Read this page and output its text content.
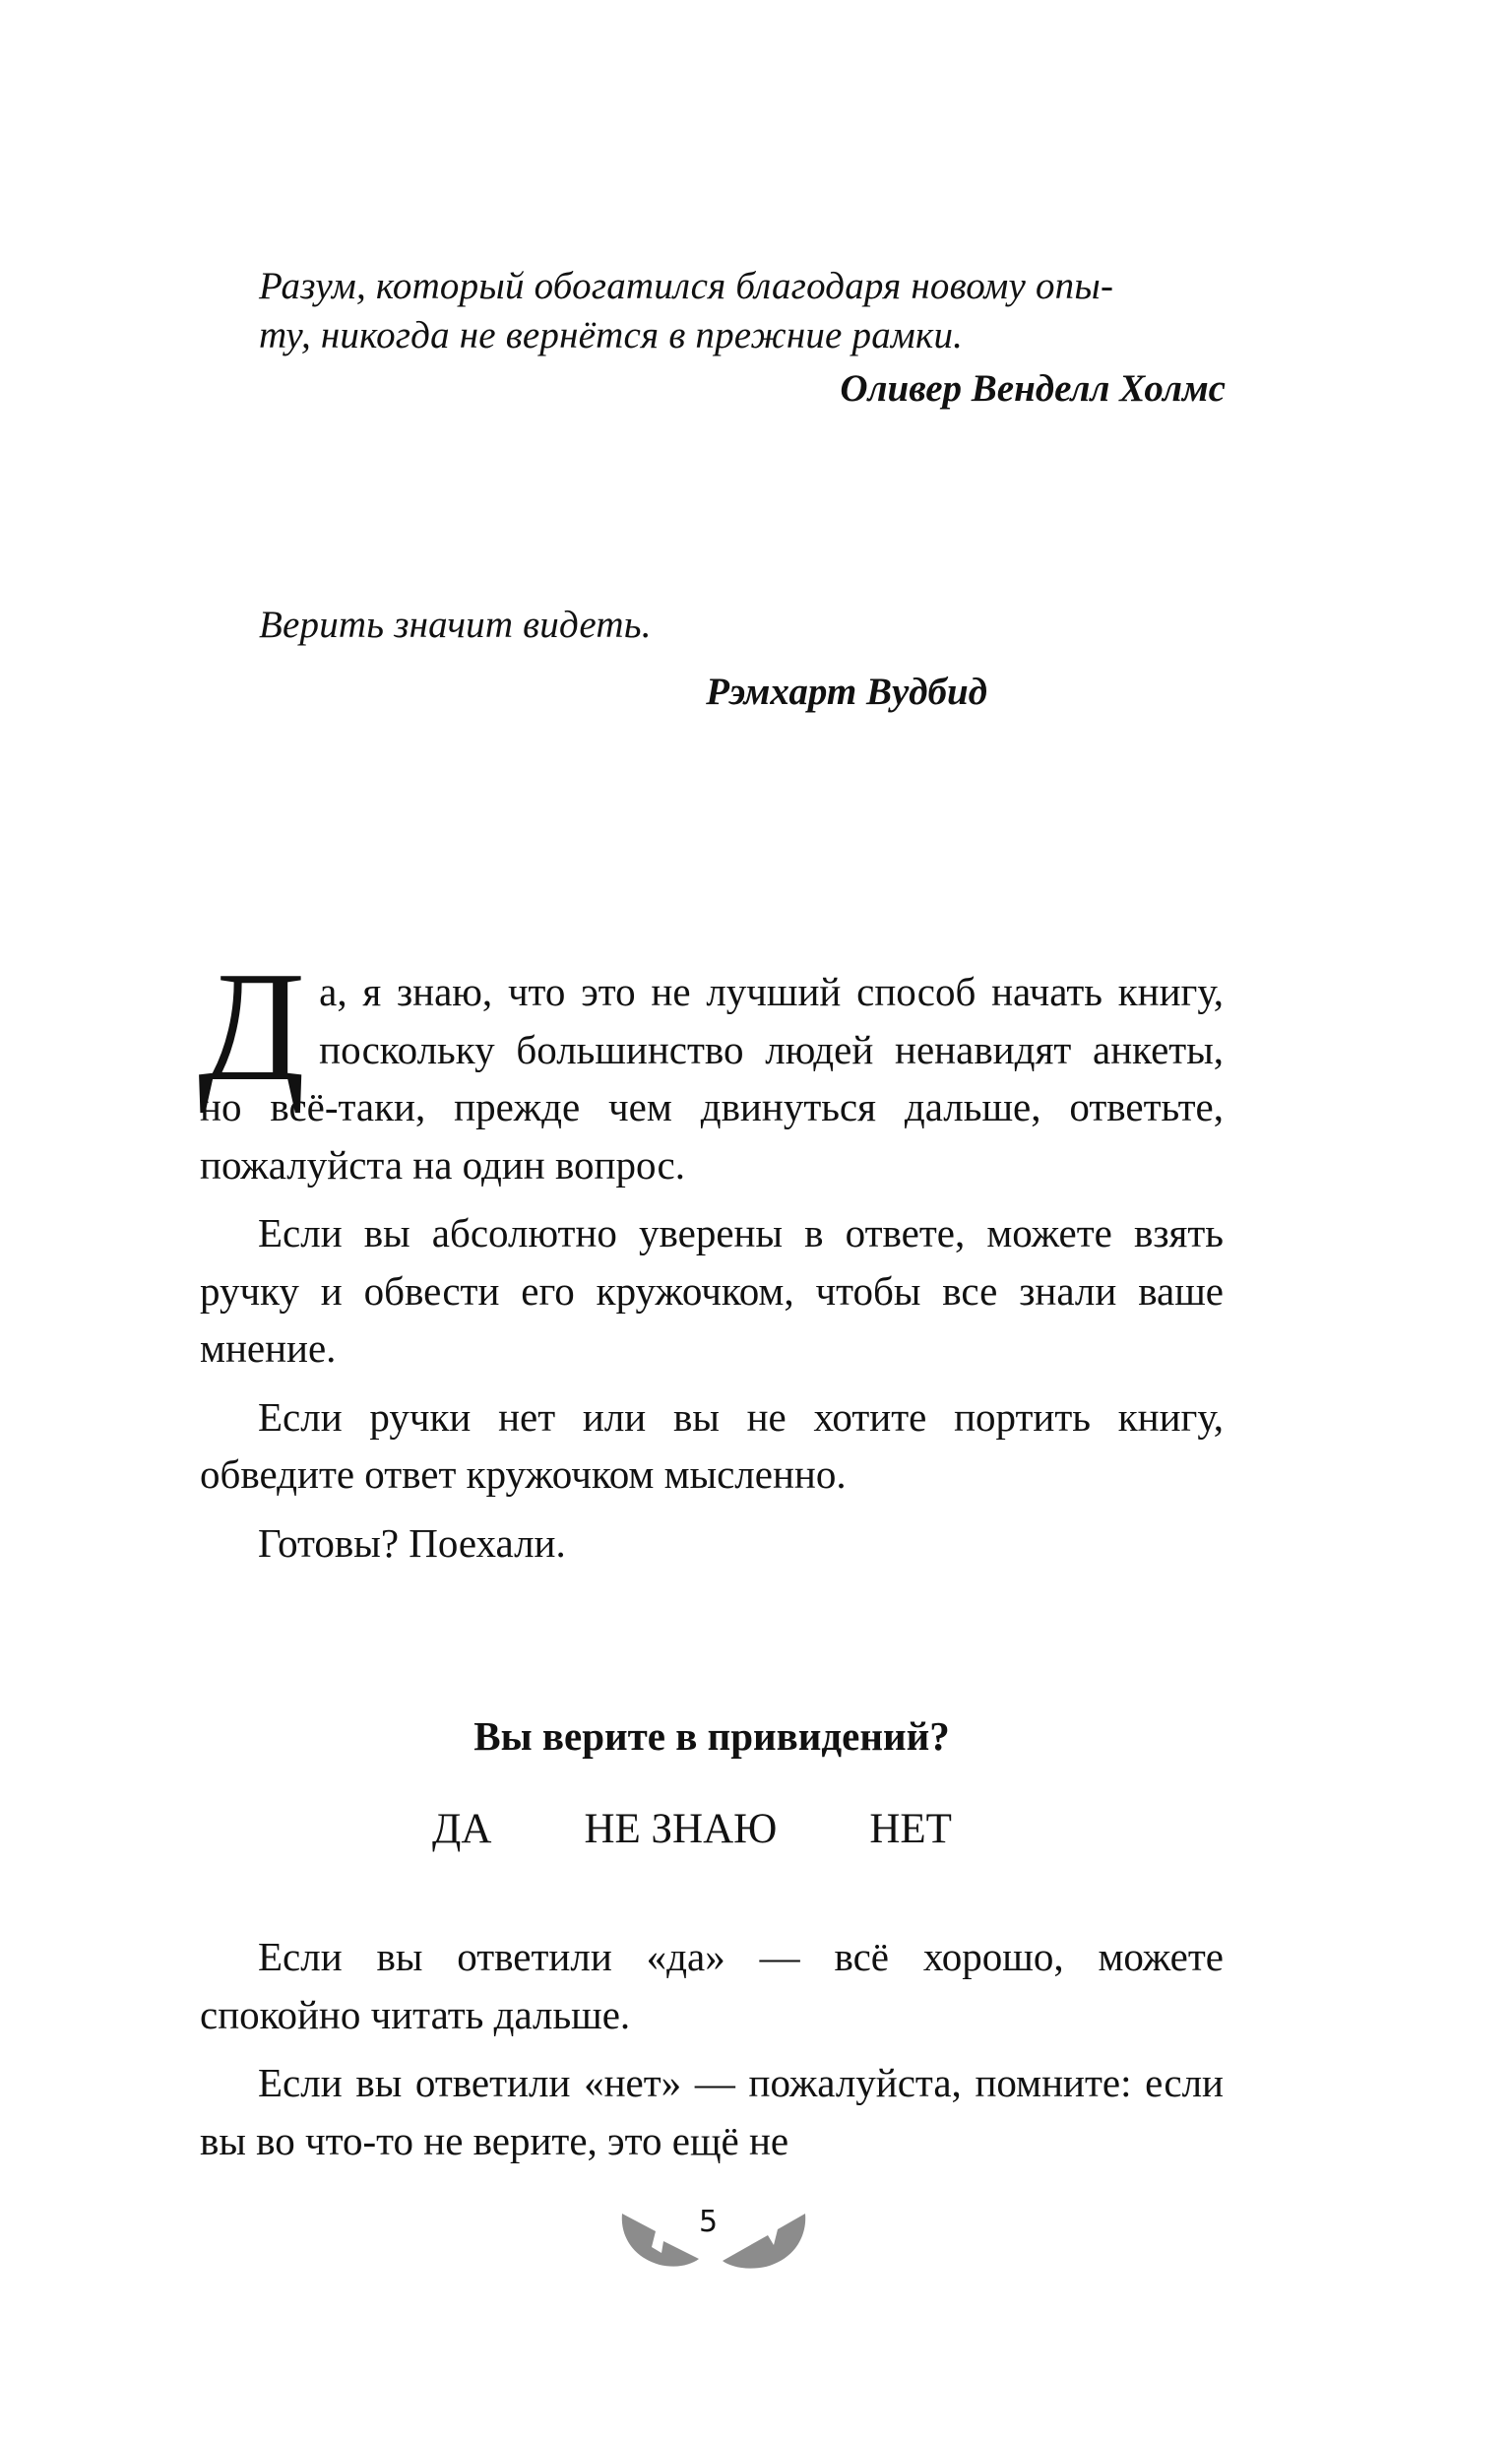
Разум, который обогатился благодаря новому опы-
ту, никогда не вернётся в прежние рамки.

Оливер Венделл Холмс

Верить значит видеть.

Рэмхарт Вудбид

Да, я знаю, что это не лучший способ начать книгу, поскольку большинство людей ненавидят анкеты, но всё-таки, прежде чем двинуться дальше, ответьте, пожалуйста на один вопрос.

Если вы абсолютно уверены в ответе, можете взять ручку и обвести его кружочком, чтобы все знали ваше мнение.

Если ручки нет или вы не хотите портить книгу, обведите ответ кружочком мысленно.

Готовы? Поехали.

Вы верите в привидений?

ДА НЕ ЗНАЮ НЕТ

Если вы ответили «да» — всё хорошо, можете спокойно читать дальше.

Если вы ответили «нет» — пожалуйста, помните: если вы во что-то не верите, это ещё не

5
